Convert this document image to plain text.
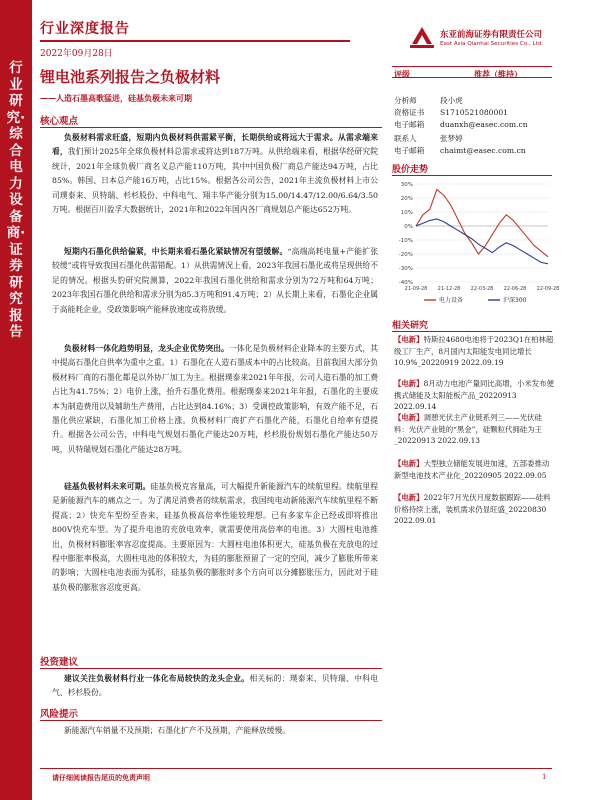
行业研究·综合电力设备商·证券研究报告
行业深度报告
2022年09月28日
东亚前海证券有限责任公司
East Asia Qianhai Securities Co., Ltd.
锂电池系列报告之负极材料
——人造石墨高歌猛进，硅基负极未来可期
核心观点
负极材料需求旺盛，短期内负极材料供需紧平衡，长期供给或将远大于需求。从需求端来看，我们预计2025年全球负极材料总需求或将达到187万吨。从供给端来看，根据华经研究院统计，2021年全球负极厂商名义总产能110万吨，其中中国负极厂商总产能达94万吨，占比85%。韩国、日本总产能16万吨，占比15%。根据各公司公告，2021年主流负极材料上市公司璞泰来、贝特瑞、杉杉股份、中科电气、翔丰华产能分别为15.00/14.47/12.00/6.64/3.50万吨。根据百川盈孚大数据统计，2021年和2022年国内各厂商规划总产能达652万吨。
短期内石墨化供给偏紧，中长期来看石墨化紧缺情况有望缓解。“高端高耗电量+产能扩张较缓”或将导致我国石墨化供需错配。1）从供需情况上看，2023年我国石墨化或将呈现供给不足的情况。根据头豹研究院测算，2022年我国石墨化供给和需求分别为72万吨和64万吨；2023年我国石墨化供给和需求分别为85.3万吨和91.4万吨；2）从长期上来看，石墨化企业属于高能耗企业，受政策影响产能释放速度或将放缓。
负极材料一体化趋势明显，龙头企业优势突出。一体化是负极材料企业降本的主要方式，其中提高石墨化自供率为重中之重。1）石墨化在人造石墨成本中的占比较高。目前我国大部分负极材料厂商的石墨化都是以外协厂加工为主。根据璞泰来2021年年报，公司人造石墨的加工费占比为41.75%；2）电价上涨，抬升石墨化费用。根据璞泰来2021年年报，石墨化的主要成本为制造费用以及辅助生产费用，占比达到84.16%；3）受调控政策影响，有效产能不足，石墨化供应紧缺，石墨化加工价格上涨。负极材料厂商扩产石墨化产能，石墨化自给率有望提升。根据各公司公告，中科电气规划石墨化产能达20万吨，杉杉股份规划石墨化产能达50万吨，贝特瑞规划石墨化产能达28万吨。
硅基负极材料未来可期。硅基负极克容量高，可大幅提升新能源汽车的续航里程。续航里程是新能源汽车的痛点之一。为了满足消费者的续航需求，我国纯电动新能源汽车续航里程不断提高；2）快充车型纷至沓来，硅基负极高倍率性能较理想。已有多家车企已经或即将推出800V快充车型。为了提升电池的充放电效率，就需要使用高倍率的电池。3）大圆柱电池推出，负极材料膨胀率容忍度提高。主要原因为：大圆柱电池体积更大，硅基负极在充放电的过程中膨胀率极高，大圆柱电池的体积较大，为硅的膨胀预留了一定的空间，减少了膨胀所带来的影响；大圆柱电池表面为弧形，硅基负极的膨胀时多个方向可以分摊膨胀压力，因此对于硅基负极的膨胀容忍度更高。
投资建议
建议关注负极材料行业一体化布局较快的龙头企业。相关标的：璞泰来、贝特瑞、中科电气、杉杉股份。
风险提示
新能源汽车销量不及预期；石墨化扩产不及预期，产能释放缓慢。
评级	推荐（维持）
分析师	段小虎
资格证书 S1710521080001
电子邮箱 duanxh@easec.com.cn
联系人	张梦婷
电子邮箱 chaimt@easec.com.cn
股价走势
30%
20%
10%
0%
-10%
-20%
-30%
-40%
21-09-28 21-12-28 22-03-28 22-06-28 22-09-28
电力设备	沪深300
相关研究
【电新】特斯拉4680电池将于2023Q1在柏林超级工厂生产，8月国内太阳能发电同比增长10.9%_20220919 2022.09.19
【电新】8月动力电池产量同比高增，小米发布便携式储能及太阳能板产品_20220913 2022.09.14
【电新】调憩光伏主产业链系列三——光伏硅料：光伏产业链的“黑金”，硅颗粒代拥硅为王_20220913 2022.09.13
【电新】大型独立储能发展进加速，五部委推动新型电池技术产业化_20220905 2022.09.05
【电新】2022年7月光伏月度数据跟踪——硅料价格持续上涨，装机需求仍显旺盛_20220830 2022.09.01
请仔细阅读报告尾页的免责声明	1
